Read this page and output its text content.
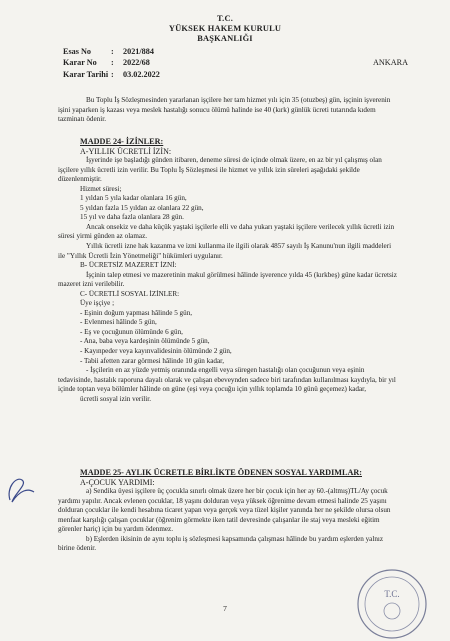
T.C.
YÜKSEK HAKEM KURULU
BAŞKANLIĞI
Esas No	:	2021/884
Karar No	:	2022/68
Karar Tarihi :	03.02.2022
ANKARA
Bu Toplu İş Sözleşmesinden yararlanan işçilere her tam hizmet yılı için 35 (otuzbeş) gün, işçinin işverenin işini yaparken iş kazası veya meslek hastalığı sonucu ölümü halinde ise 40 (kırk) günlük ücreti tutarında kıdem tazminatı ödenir.
MADDE 24- İZİNLER:
A-YILLIK ÜCRETLİ İZİN:
İşyerinde işe başladığı günden itibaren, deneme süresi de içinde olmak üzere, en az bir yıl çalışmış olan işçilere yıllık ücretli izin verilir. Bu Toplu İş Sözleşmesi ile hizmet ve yıllık izin süreleri aşağıdaki şekilde düzenlenmiştir.
Hizmet süresi;
1 yıldan 5 yıla kadar olanlara 16 gün,
5 yıldan fazla 15 yıldan az olanlara 22 gün,
15 yıl ve daha fazla olanlara 28 gün.
Ancak onsekiz ve daha küçük yaştaki işçilerle elli ve daha yukarı yaştaki işçilere verilecek yıllık ücretli izin süresi yirmi günden az olamaz.
Yıllık ücretli izne hak kazanma ve izni kullanma ile ilgili olarak 4857 sayılı İş Kanunu'nun ilgili maddeleri ile "Yıllık Ücretli İzin Yönetmeliği" hükümleri uygulanır.
B- ÜCRETSİZ MAZERET İZNİ:
İşçinin talep etmesi ve mazeretinin makul görülmesi hâlinde işverence yılda 45 (kırkbeş) güne kadar ücretsiz mazeret izni verilebilir.
C- ÜCRETLİ SOSYAL İZİNLER:
Üye işçiye ;
- Eşinin doğum yapması hâlinde 5 gün,
- Evlenmesi hâlinde 5 gün,
- Eş ve çocuğunun ölümünde 6 gün,
- Ana, baba veya kardeşinin ölümünde 5 gün,
- Kayınpeder veya kayınvalidesinin ölümünde 2 gün,
- Tabii afetten zarar görmesi hâlinde 10 gün kadar,
- İşçilerin en az yüzde yetmiş oranında engelli veya süregen hastalığı olan çocuğunun veya eşinin tedavisinde, hastalık raporuna dayalı olarak ve çalışan ebeveynden sadece biri tarafından kullanılması kaydıyla, bir yıl içinde toptan veya bölümler hâlinde on güne (eşi veya çocuğu için yıllık toplamda 10 günü geçemez) kadar,
ücretli sosyal izin verilir.
MADDE 25- AYLIK ÜCRETLE BİRLİKTE ÖDENEN SOSYAL YARDIMLAR:
A-ÇOCUK YARDIMI:
a) Sendika üyesi işçilere üç çocukla sınırlı olmak üzere her bir çocuk için her ay 60.-(altmış)TL/Ay çocuk yardımı yapılır. Ancak evlenen çocuklar, 18 yaşını dolduran veya yüksek öğrenime devam etmesi halinde 25 yaşını dolduran çocuklar ile kendi hesabına ticaret yapan veya gerçek veya tüzel kişiler yanında her ne şekilde olursa olsun menfaat karşılığı çalışan çocuklar (öğrenim görmekte iken tatil devresinde çalışanlar ile staj veya mesleki eğitim görenler hariç) için bu yardım ödenmez.
b) Eşlerden ikisinin de aynı toplu iş sözleşmesi kapsamında çalışması hâlinde bu yardım eşlerden yalnız birine ödenir.
7
T.C.
